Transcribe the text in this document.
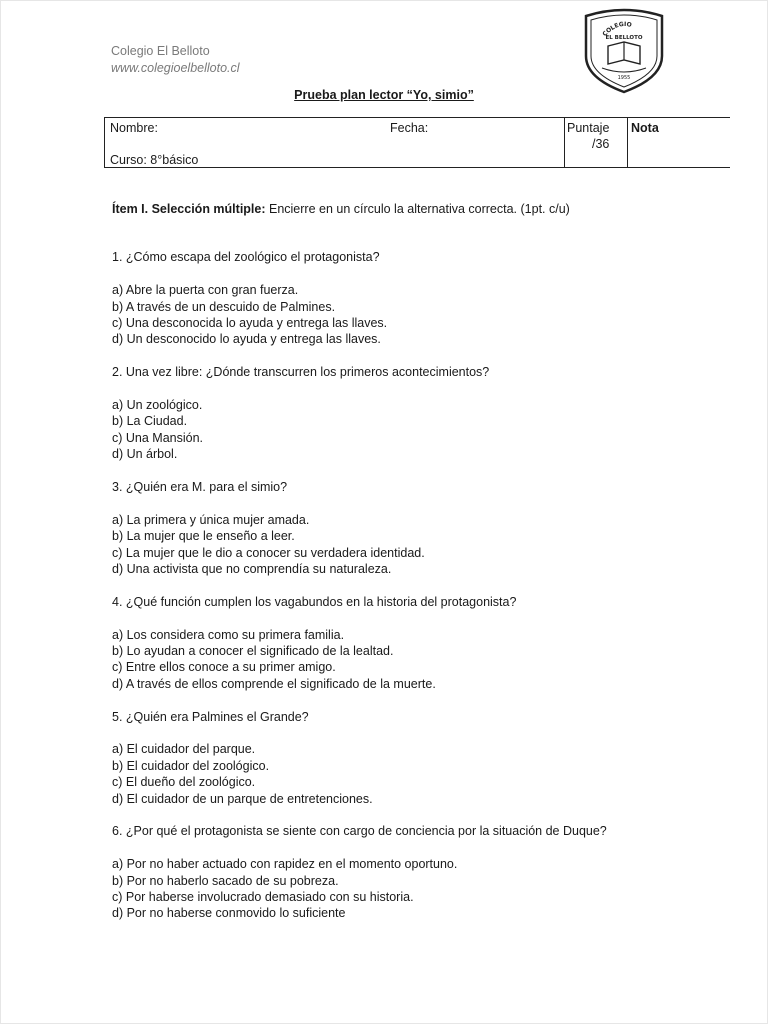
Colegio El Belloto
www.colegioelbelloto.cl
COLEGIO
EL BELLOTO
1955
Prueba plan lector “Yo, simio”
Nombre:	Fecha:
Curso: 8°básico
Puntaje
/36
Nota

Ítem I. Selección múltiple: Encierre en un círculo la alternativa correcta. (1pt. c/u)

1. ¿Cómo escapa del zoológico el protagonista?

a) Abre la puerta con gran fuerza.
b) A través de un descuido de Palmines.
c) Una desconocida lo ayuda y entrega las llaves.
d) Un desconocido lo ayuda y entrega las llaves.

2. Una vez libre: ¿Dónde transcurren los primeros acontecimientos?

a) Un zoológico.
b) La Ciudad.
c) Una Mansión.
d) Un árbol.

3. ¿Quién era M. para el simio?

a) La primera y única mujer amada.
b) La mujer que le enseño a leer.
c) La mujer que le dio a conocer su verdadera identidad.
d) Una activista que no comprendía su naturaleza.

4. ¿Qué función cumplen los vagabundos en la historia del protagonista?

a) Los considera como su primera familia.
b) Lo ayudan a conocer el significado de la lealtad.
c) Entre ellos conoce a su primer amigo.
d) A través de ellos comprende el significado de la muerte.

5. ¿Quién era Palmines el Grande?

a) El cuidador del parque.
b) El cuidador del zoológico.
c) El dueño del zoológico.
d) El cuidador de un parque de entretenciones.

6. ¿Por qué el protagonista se siente con cargo de conciencia por la situación de Duque?

a) Por no haber actuado con rapidez en el momento oportuno.
b) Por no haberlo sacado de su pobreza.
c) Por haberse involucrado demasiado con su historia.
d) Por no haberse conmovido lo suficiente
